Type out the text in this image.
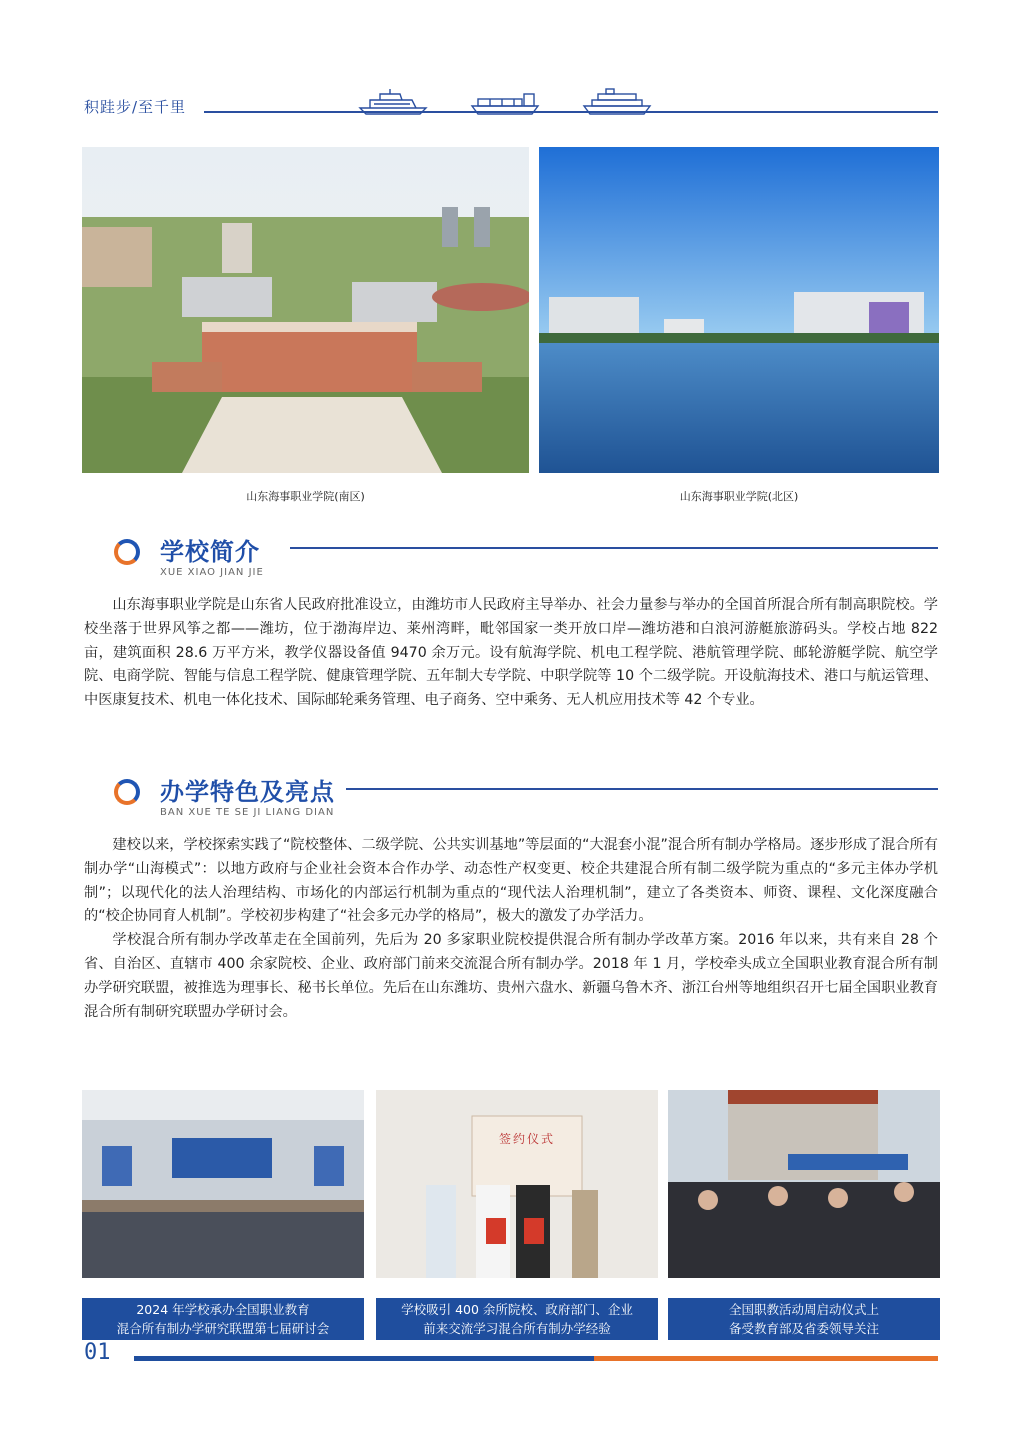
积跬步/至千里
山东海事职业学院(南区)	山东海事职业学院(北区)
学校简介
XUE XIAO JIAN JIE

山东海事职业学院是山东省人民政府批准设立，由潍坊市人民政府主导举办、社会力量参与举办的全国首所混合所有制高职院校。学校坐落于世界风筝之都——潍坊，位于渤海岸边、莱州湾畔，毗邻国家一类开放口岸—潍坊港和白浪河游艇旅游码头。学校占地 822 亩，建筑面积 28.6 万平方米，教学仪器设备值 9470 余万元。设有航海学院、机电工程学院、港航管理学院、邮轮游艇学院、航空学院、电商学院、智能与信息工程学院、健康管理学院、五年制大专学院、中职学院等 10 个二级学院。开设航海技术、港口与航运管理、中医康复技术、机电一体化技术、国际邮轮乘务管理、电子商务、空中乘务、无人机应用技术等 42 个专业。

办学特色及亮点
BAN XUE TE SE JI LIANG DIAN

建校以来，学校探索实践了“院校整体、二级学院、公共实训基地”等层面的“大混套小混”混合所有制办学格局。逐步形成了混合所有制办学“山海模式”：以地方政府与企业社会资本合作办学、动态性产权变更、校企共建混合所有制二级学院为重点的“多元主体办学机制”；以现代化的法人治理结构、市场化的内部运行机制为重点的“现代法人治理机制”，建立了各类资本、师资、课程、文化深度融合的“校企协同育人机制”。学校初步构建了“社会多元办学的格局”，极大的激发了办学活力。

学校混合所有制办学改革走在全国前列，先后为 20 多家职业院校提供混合所有制办学改革方案。2016 年以来，共有来自 28 个省、自治区、直辖市 400 余家院校、企业、政府部门前来交流混合所有制办学。2018 年 1 月，学校牵头成立全国职业教育混合所有制办学研究联盟，被推选为理事长、秘书长单位。先后在山东潍坊、贵州六盘水、新疆乌鲁木齐、浙江台州等地组织召开七届全国职业教育混合所有制研究联盟办学研讨会。

签约仪式
2024 年学校承办全国职业教育
混合所有制办学研究联盟第七届研讨会
学校吸引 400 余所院校、政府部门、企业
前来交流学习混合所有制办学经验
全国职教活动周启动仪式上
备受教育部及省委领导关注
01
